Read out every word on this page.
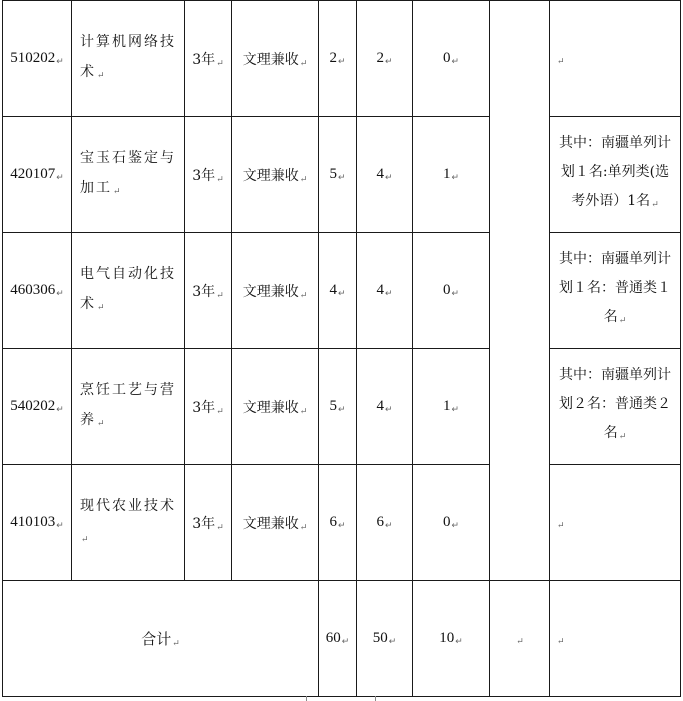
510202↵	计算机网络技术↵	3年↵	文理兼收↵	2↵	2↵	0↵		↵
420107↵	宝玉石鉴定与加工↵	3年↵	文理兼收↵	5↵	4↵	1↵		其中：南疆单列计划１名:单列类(选考外语）1名↵
460306↵	电气自动化技术↵	3年↵	文理兼收↵	4↵	4↵	0↵		其中：南疆单列计划１名：普通类１名↵
540202↵	烹饪工艺与营养↵	3年↵	文理兼收↵	5↵	4↵	1↵		其中：南疆单列计划２名：普通类２名↵
410103↵	现代农业技术↵	3年↵	文理兼收↵	6↵	6↵	0↵		↵
合计↵				60↵	50↵	10↵	↵	↵
